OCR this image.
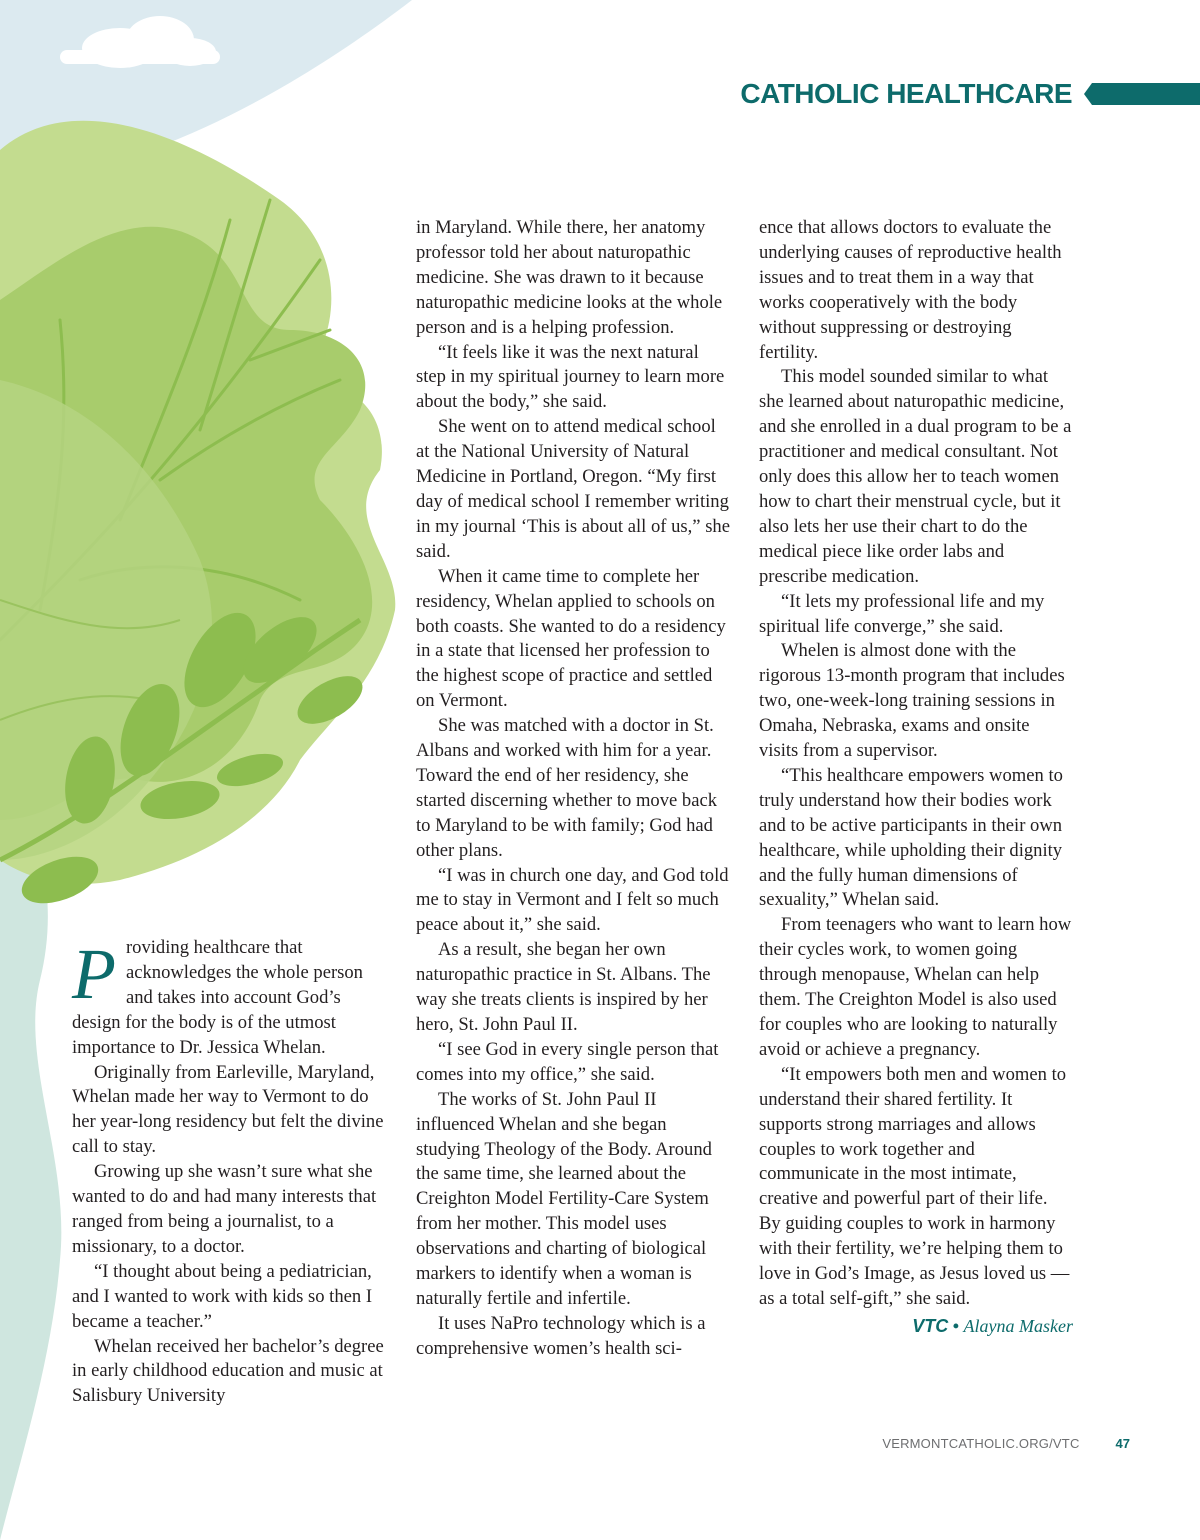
CATHOLIC HEALTHCARE

Providing healthcare that acknowledges the whole person and takes into account God’s design for the body is of the utmost importance to Dr. Jessica Whelan.

Originally from Earleville, Maryland, Whelan made her way to Vermont to do her year-long residency but felt the divine call to stay.

Growing up she wasn’t sure what she wanted to do and had many interests that ranged from being a journalist, to a missionary, to a doctor.

“I thought about being a pediatrician, and I wanted to work with kids so then I became a teacher.”

Whelan received her bachelor’s degree in early childhood education and music at Salisbury University

in Maryland. While there, her anatomy professor told her about naturopathic medicine. She was drawn to it because naturopathic medicine looks at the whole person and is a helping profession.

“It feels like it was the next natural step in my spiritual journey to learn more about the body,” she said.

She went on to attend medical school at the National University of Natural Medicine in Portland, Oregon. “My first day of medical school I remember writing in my journal ‘This is about all of us,” she said.

When it came time to complete her residency, Whelan applied to schools on both coasts. She wanted to do a residency in a state that licensed her profession to the highest scope of practice and settled on Vermont.

She was matched with a doctor in St. Albans and worked with him for a year. Toward the end of her residency, she started discerning whether to move back to Maryland to be with family; God had other plans.

“I was in church one day, and God told me to stay in Vermont and I felt so much peace about it,” she said.

As a result, she began her own naturopathic practice in St. Albans. The way she treats clients is inspired by her hero, St. John Paul II.

“I see God in every single person that comes into my office,” she said.

The works of St. John Paul II influenced Whelan and she began studying Theology of the Body. Around the same time, she learned about the Creighton Model Fertility-Care System from her mother. This model uses observations and charting of biological markers to identify when a woman is naturally fertile and infertile.

It uses NaPro technology which is a comprehensive women’s health sci-

ence that allows doctors to evaluate the underlying causes of reproductive health issues and to treat them in a way that works cooperatively with the body without suppressing or destroying fertility.

This model sounded similar to what she learned about naturopathic medicine, and she enrolled in a dual program to be a practitioner and medical consultant. Not only does this allow her to teach women how to chart their menstrual cycle, but it also lets her use their chart to do the medical piece like order labs and prescribe medication.

“It lets my professional life and my spiritual life converge,” she said.

Whelen is almost done with the rigorous 13-month program that includes two, one-week-long training sessions in Omaha, Nebraska, exams and onsite visits from a supervisor.

“This healthcare empowers women to truly understand how their bodies work and to be active participants in their own healthcare, while upholding their dignity and the fully human dimensions of sexuality,” Whelan said.

From teenagers who want to learn how their cycles work, to women going through menopause, Whelan can help them. The Creighton Model is also used for couples who are looking to naturally avoid or achieve a pregnancy.

“It empowers both men and women to understand their shared fertility. It supports strong marriages and allows couples to work together and communicate in the most intimate, creative and powerful part of their life. By guiding couples to work in harmony with their fertility, we’re helping them to love in God’s Image, as Jesus loved us — as a total self-gift,” she said.

VTC • Alayna Masker
VERMONTCATHOLIC.ORG/VTC	47
